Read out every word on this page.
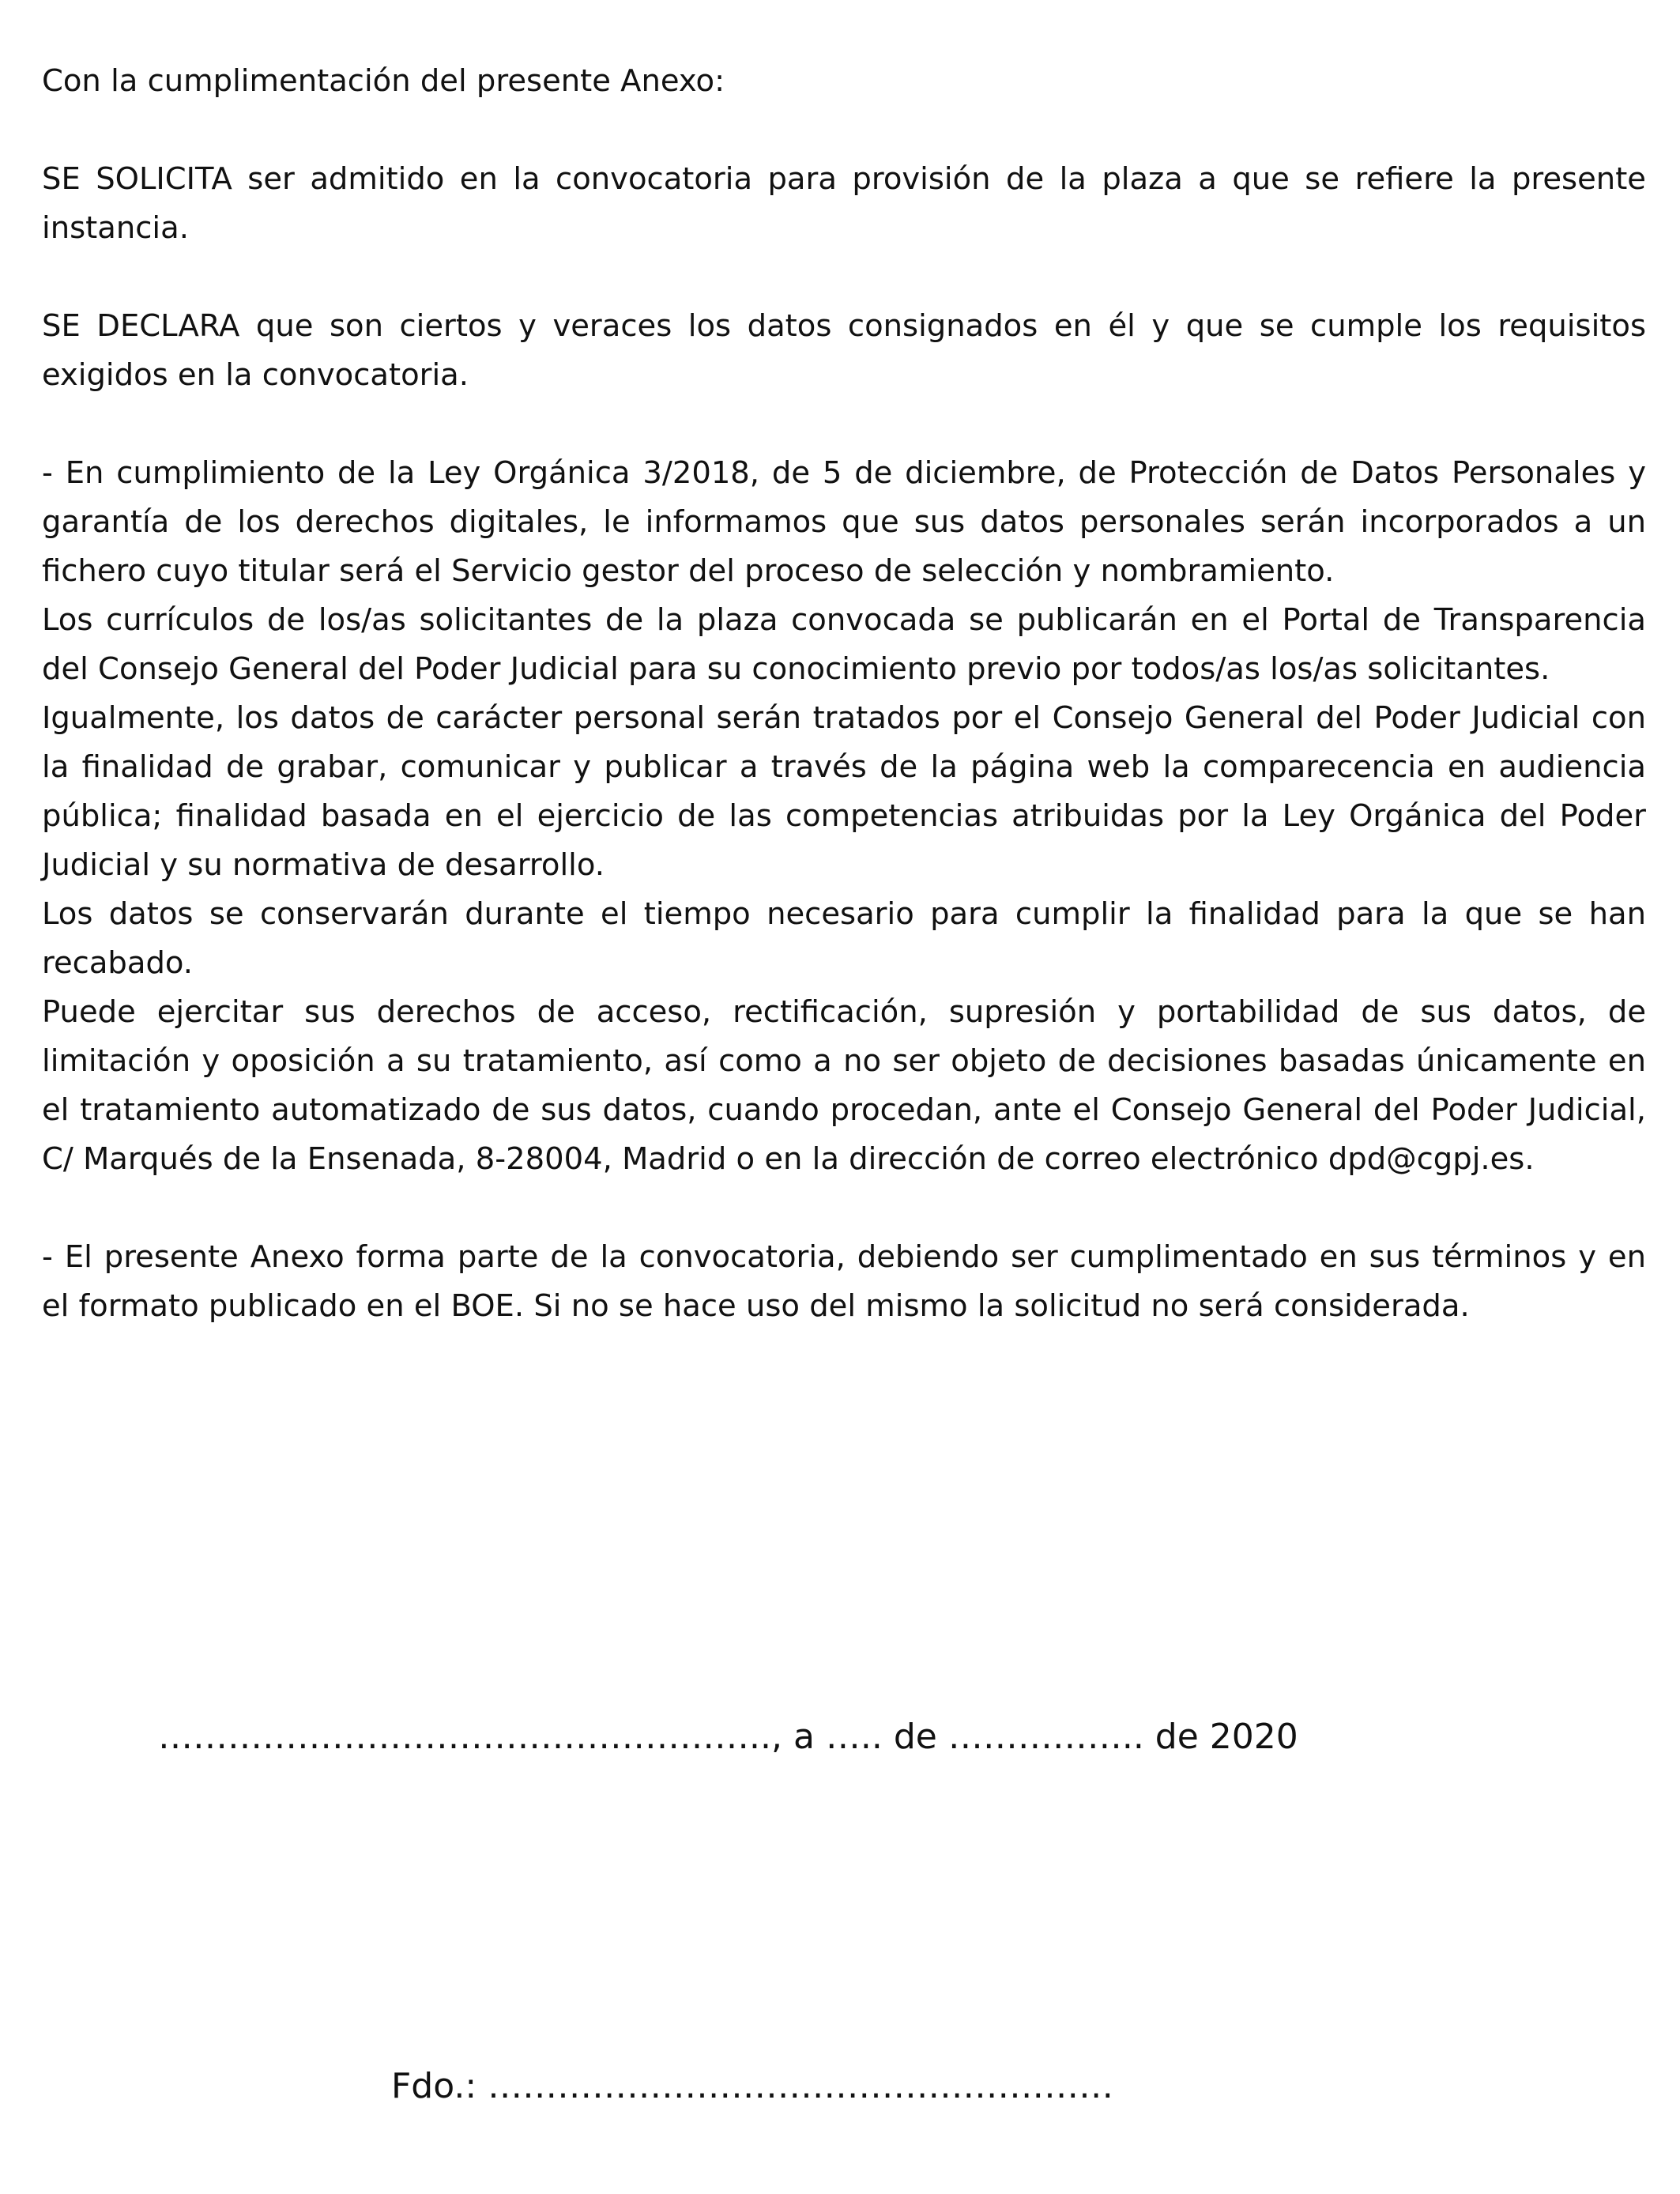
Con la cumplimentación del presente Anexo:

SE SOLICITA ser admitido en la convocatoria para provisión de la plaza a que se refiere la presente instancia.

SE DECLARA que son ciertos y veraces los datos consignados en él y que se cumple los requisitos exigidos en la convocatoria.

- En cumplimiento de la Ley Orgánica 3/2018, de 5 de diciembre, de Protección de Datos Personales y garantía de los derechos digitales, le informamos que sus datos personales serán incorporados a un fichero cuyo titular será el Servicio gestor del proceso de selección y nombramiento.

Los currículos de los/as solicitantes de la plaza convocada se publicarán en el Portal de Transparencia del Consejo General del Poder Judicial para su conocimiento previo por todos/as los/as solicitantes.

Igualmente, los datos de carácter personal serán tratados por el Consejo General del Poder Judicial con la finalidad de grabar, comunicar y publicar a través de la página web la comparecencia en audiencia pública; finalidad basada en el ejercicio de las competencias atribuidas por la Ley Orgánica del Poder Judicial y su normativa de desarrollo.

Los datos se conservarán durante el tiempo necesario para cumplir la finalidad para la que se han recabado.

Puede ejercitar sus derechos de acceso, rectificación, supresión y portabilidad de sus datos, de limitación y oposición a su tratamiento, así como a no ser objeto de decisiones basadas únicamente en el tratamiento automatizado de sus datos, cuando procedan, ante el Consejo General del Poder Judicial, C/ Marqués de la Ensenada, 8-28004, Madrid o en la dirección de correo electrónico dpd@cgpj.es.

- El presente Anexo forma parte de la convocatoria, debiendo ser cumplimentado en sus términos y en el formato publicado en el BOE. Si no se hace uso del mismo la solicitud no será considerada.

…………………………………………….., a ….. de …………….. de 2020
Fdo.: ………………………………………………
